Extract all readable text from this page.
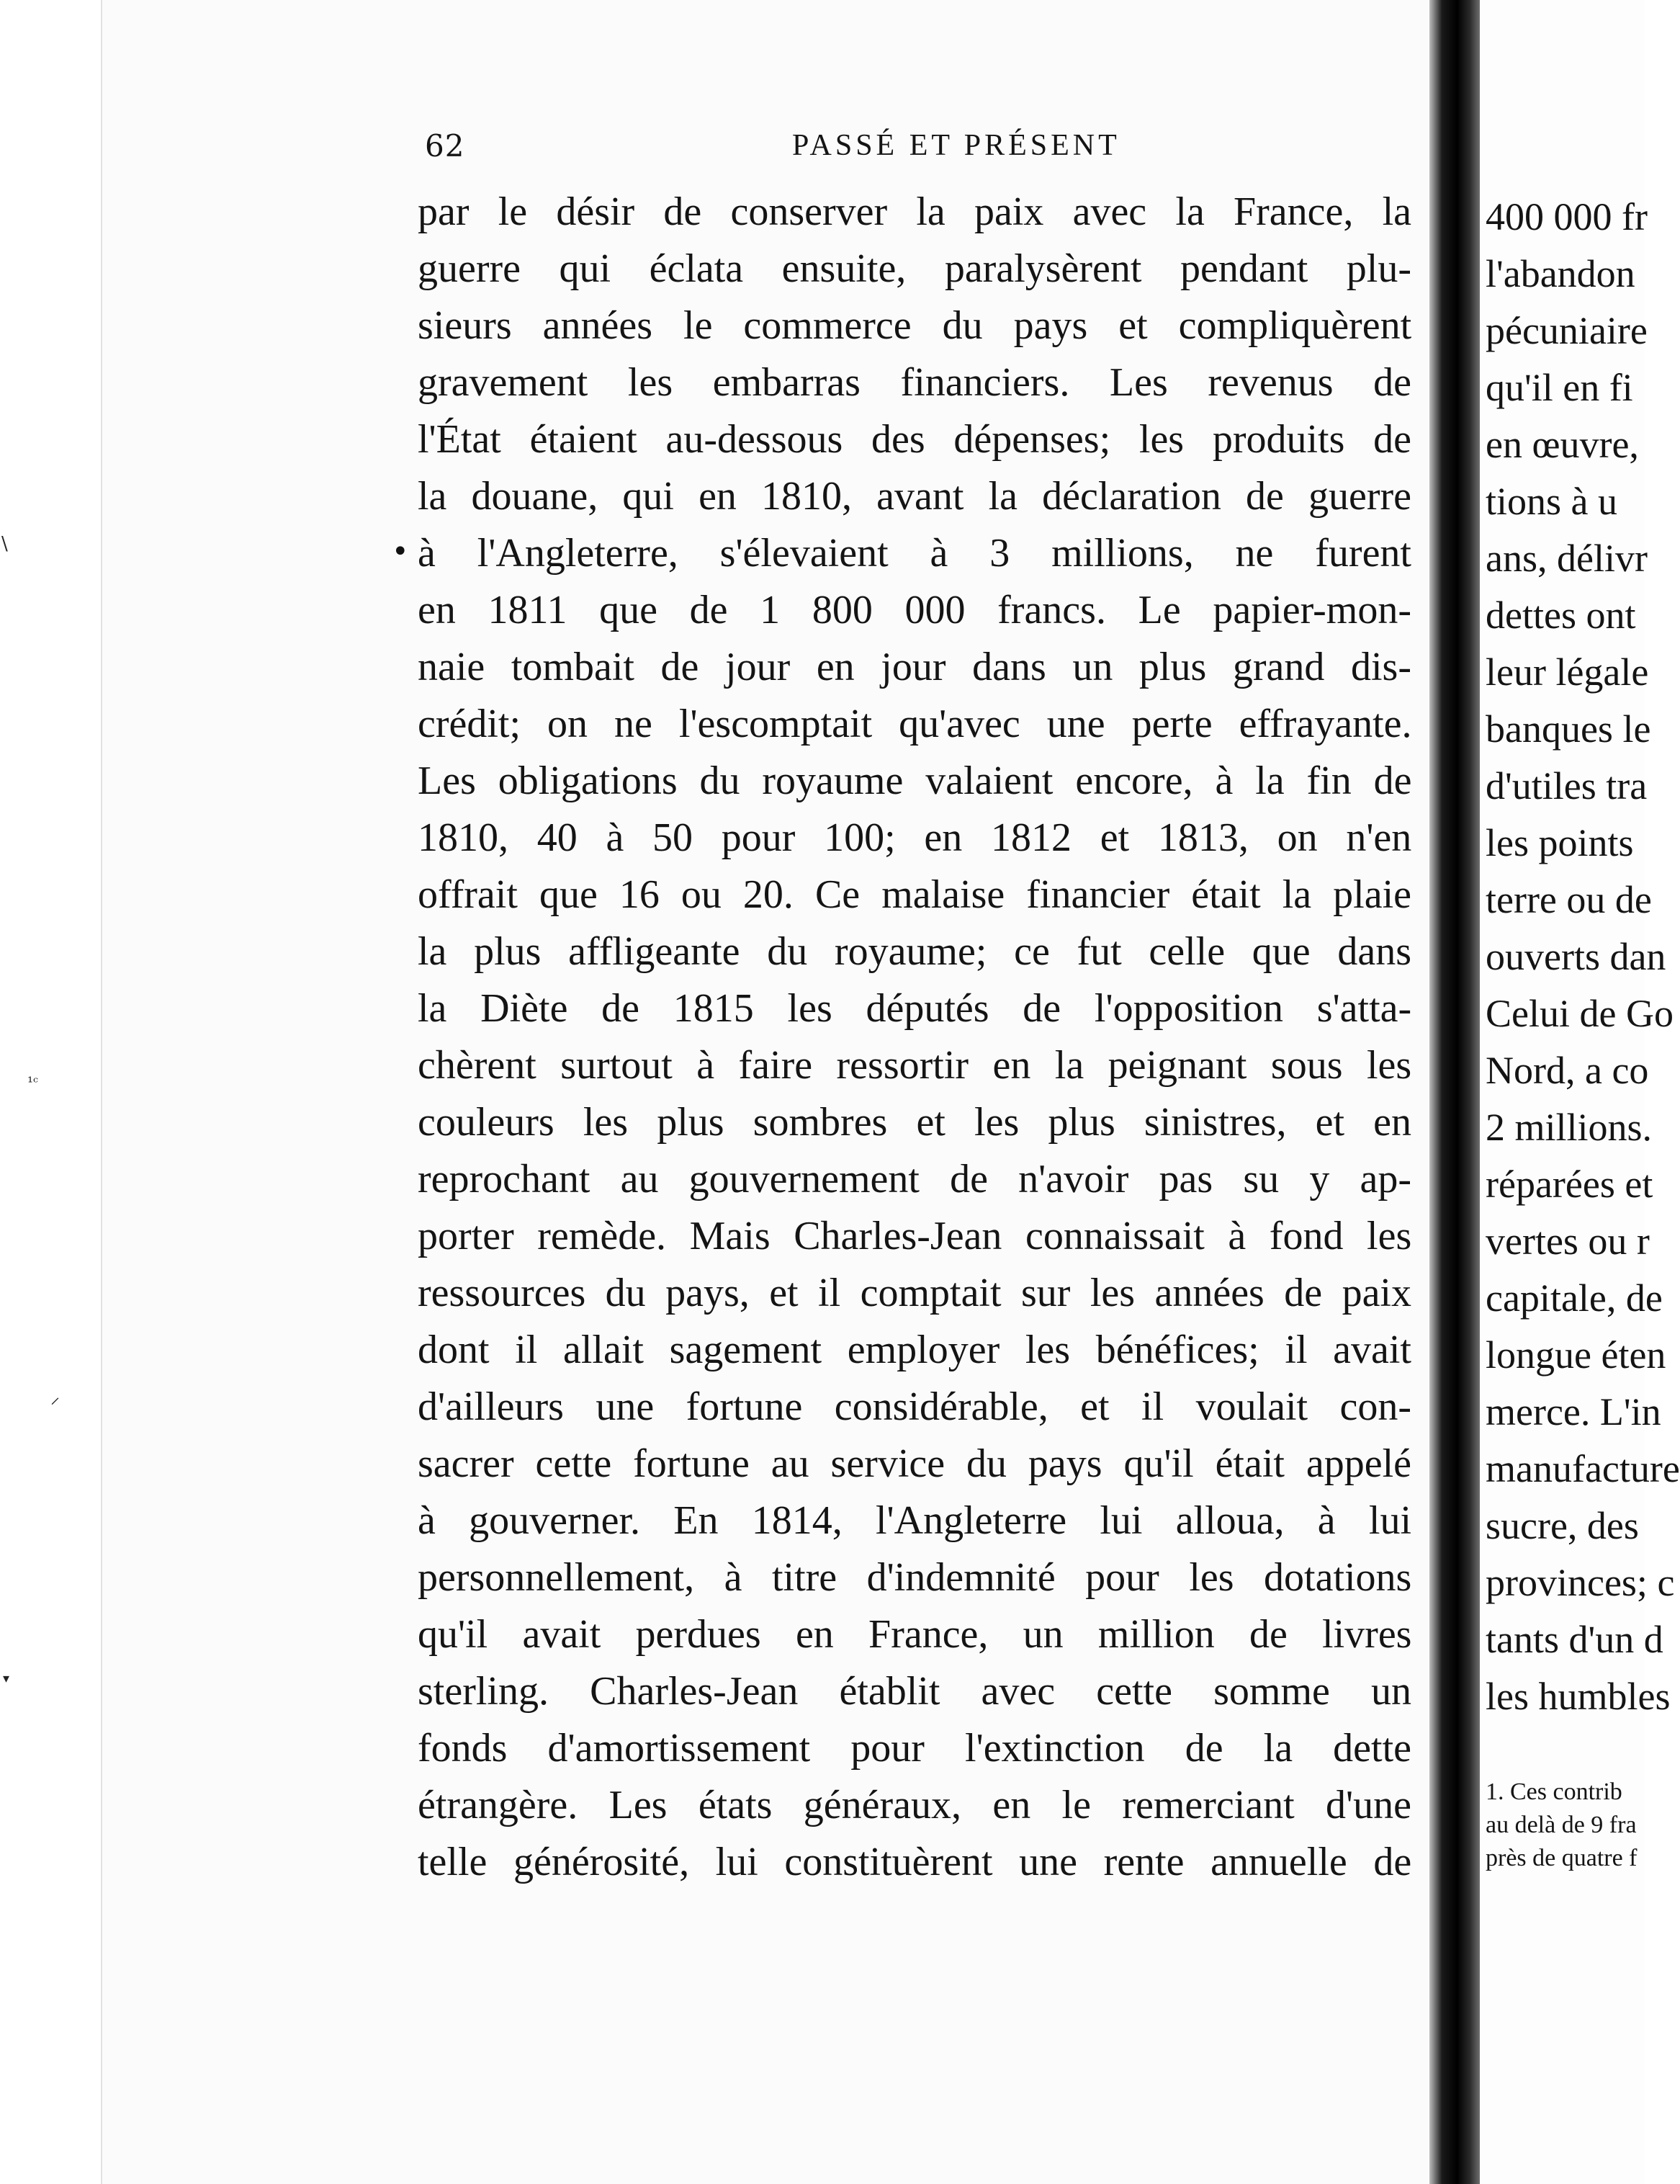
\
¹ᶜ
⸝
▾
62	PASSÉ ET PRÉSENT
•
par le désir de conserver la paix avec la France, la
guerre qui éclata ensuite, paralysèrent pendant plu-
sieurs années le commerce du pays et compliquèrent
gravement les embarras financiers. Les revenus de
l'État étaient au-dessous des dépenses; les produits de
la douane, qui en 1810, avant la déclaration de guerre
à l'Angleterre, s'élevaient à 3 millions, ne furent
en 1811 que de 1 800 000 francs. Le papier-mon-
naie tombait de jour en jour dans un plus grand dis-
crédit; on ne l'escomptait qu'avec une perte effrayante.
Les obligations du royaume valaient encore, à la fin de
1810, 40 à 50 pour 100; en 1812 et 1813, on n'en
offrait que 16 ou 20. Ce malaise financier était la plaie
la plus affligeante du royaume; ce fut celle que dans
la Diète de 1815 les députés de l'opposition s'atta-
chèrent surtout à faire ressortir en la peignant sous les
couleurs les plus sombres et les plus sinistres, et en
reprochant au gouvernement de n'avoir pas su y ap-
porter remède. Mais Charles-Jean connaissait à fond les
ressources du pays, et il comptait sur les années de paix
dont il allait sagement employer les bénéfices; il avait
d'ailleurs une fortune considérable, et il voulait con-
sacrer cette fortune au service du pays qu'il était appelé
à gouverner. En 1814, l'Angleterre lui alloua, à lui
personnellement, à titre d'indemnité pour les dotations
qu'il avait perdues en France, un million de livres
sterling. Charles-Jean établit avec cette somme un
fonds d'amortissement pour l'extinction de la dette
étrangère. Les états généraux, en le remerciant d'une
telle générosité, lui constituèrent une rente annuelle de
400 000 fr
l'abandon
pécuniaire
qu'il en fi
en œuvre,
tions à u
ans, délivr
dettes ont
leur légale
banques le
d'utiles tra
les points
terre ou de
ouverts dan
Celui de Go
Nord, a co
2 millions.
réparées et
vertes ou r
capitale, de
longue éten
merce. L'in
manufacture
sucre, des
provinces; c
tants d'un d
les humbles
1. Ces contrib
au delà de 9 fra
près de quatre f
